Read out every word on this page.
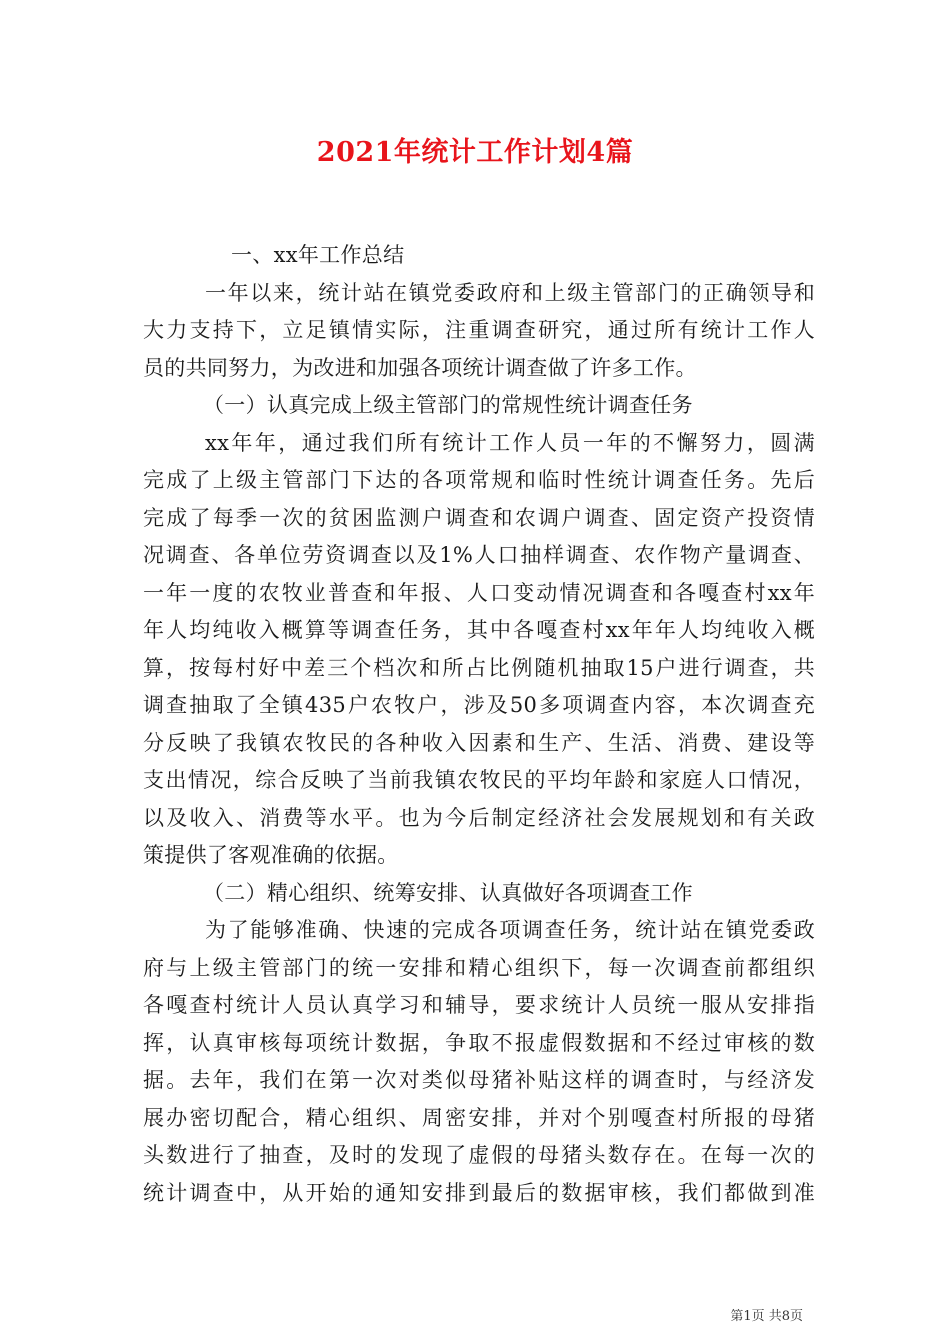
2021年统计工作计划4篇
一、xx年工作总结
一年以来，统计站在镇党委政府和上级主管部门的正确领导和
大力支持下，立足镇情实际，注重调查研究，通过所有统计工作人
员的共同努力，为改进和加强各项统计调查做了许多工作。
（一）认真完成上级主管部门的常规性统计调查任务
xx年年，通过我们所有统计工作人员一年的不懈努力，圆满
完成了上级主管部门下达的各项常规和临时性统计调查任务。先后
完成了每季一次的贫困监测户调查和农调户调查、固定资产投资情
况调查、各单位劳资调查以及1%人口抽样调查、农作物产量调查、
一年一度的农牧业普查和年报、人口变动情况调查和各嘎查村xx年
年人均纯收入概算等调查任务，其中各嘎查村xx年年人均纯收入概
算，按每村好中差三个档次和所占比例随机抽取15户进行调查，共
调查抽取了全镇435户农牧户，涉及50多项调查内容，本次调查充
分反映了我镇农牧民的各种收入因素和生产、生活、消费、建设等
支出情况，综合反映了当前我镇农牧民的平均年龄和家庭人口情况，
以及收入、消费等水平。也为今后制定经济社会发展规划和有关政
策提供了客观准确的依据。
（二）精心组织、统筹安排、认真做好各项调查工作
为了能够准确、快速的完成各项调查任务，统计站在镇党委政
府与上级主管部门的统一安排和精心组织下，每一次调查前都组织
各嘎查村统计人员认真学习和辅导，要求统计人员统一服从安排指
挥，认真审核每项统计数据，争取不报虚假数据和不经过审核的数
据。去年，我们在第一次对类似母猪补贴这样的调查时，与经济发
展办密切配合，精心组织、周密安排，并对个别嘎查村所报的母猪
头数进行了抽查，及时的发现了虚假的母猪头数存在。在每一次的
统计调查中，从开始的通知安排到最后的数据审核，我们都做到准
第1页 共8页
